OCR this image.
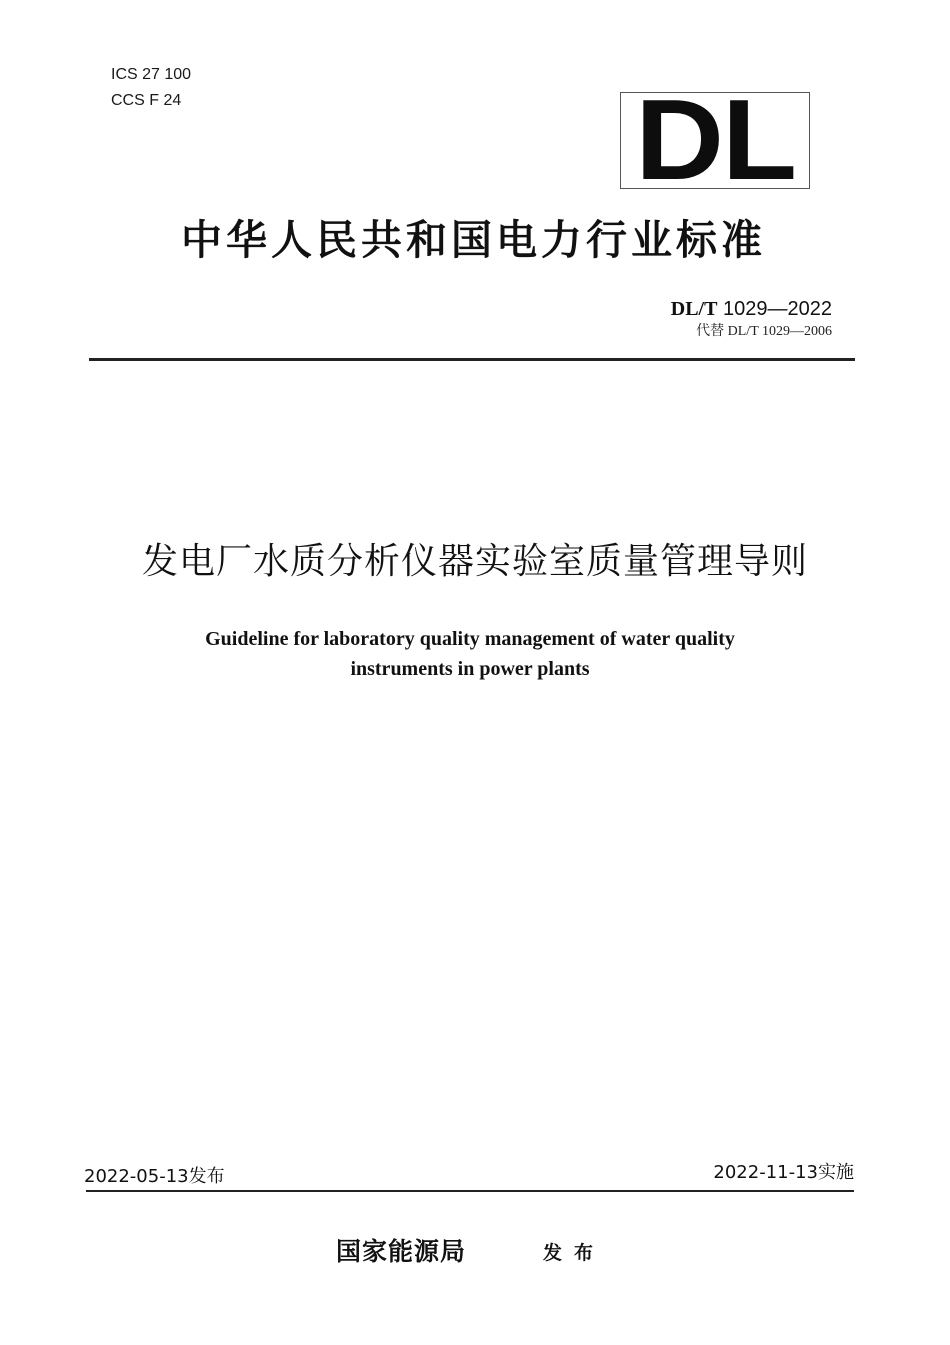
ICS 27 100
CCS F 24	DL
中华人民共和国电力行业标准
DL/T 1029—2022
代替 DL/T 1029—2006
发电厂水质分析仪器实验室质量管理导则
Guideline for laboratory quality management of water quality
instruments in power plants
2022-05-13发布	2022-11-13实施
国家能源局	发布
